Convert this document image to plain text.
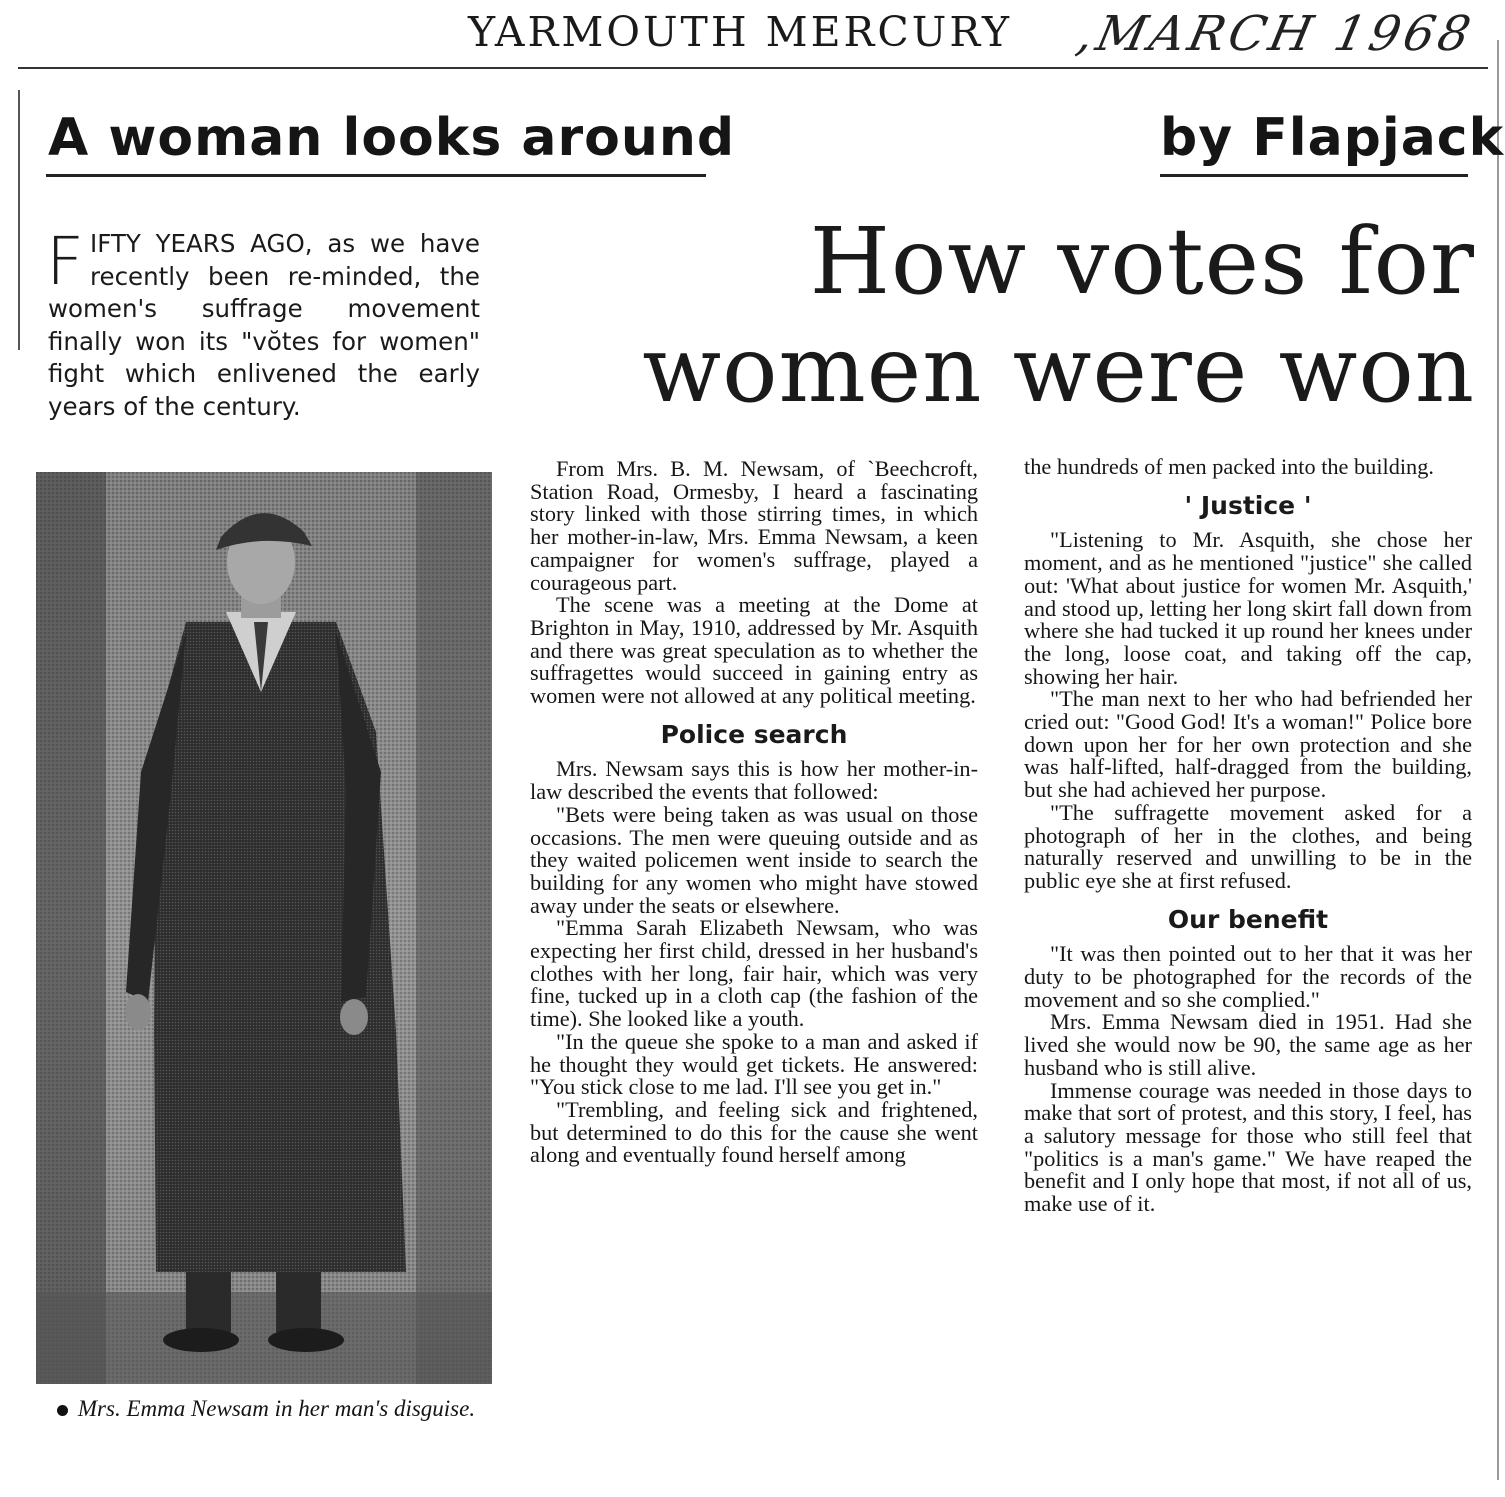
YARMOUTH MERCURY ,MARCH 1968
A woman looks around	by Flapjack
FIFTY YEARS AGO, as we have recently been re-minded, the women's suffrage movement finally won its "vŏtes for women" fight which enlivened the early years of the century.
How votes for
women were won
Mrs. Emma Newsam in her man's disguise.

From Mrs. B. M. Newsam, of `Beechcroft, Station Road, Ormesby, I heard a fascinating story linked with those stirring times, in which her mother-in-law, Mrs. Emma Newsam, a keen campaigner for women's suffrage, played a courageous part.

The scene was a meeting at the Dome at Brighton in May, 1910, addressed by Mr. Asquith and there was great speculation as to whether the suffragettes would succeed in gaining entry as women were not allowed at any political meeting.

Police search

Mrs. Newsam says this is how her mother-in-law described the events that followed:

"Bets were being taken as was usual on those occasions. The men were queuing outside and as they waited policemen went inside to search the building for any women who might have stowed away under the seats or elsewhere.

"Emma Sarah Elizabeth Newsam, who was expecting her first child, dressed in her husband's clothes with her long, fair hair, which was very fine, tucked up in a cloth cap (the fashion of the time). She looked like a youth.

"In the queue she spoke to a man and asked if he thought they would get tickets. He answered: "You stick close to me lad. I'll see you get in."

"Trembling, and feeling sick and frightened, but determined to do this for the cause she went along and eventually found herself among

the hundreds of men packed into the building.

' Justice '

"Listening to Mr. Asquith, she chose her moment, and as he mentioned "justice" she called out: 'What about justice for women Mr. Asquith,' and stood up, letting her long skirt fall down from where she had tucked it up round her knees under the long, loose coat, and taking off the cap, showing her hair.

"The man next to her who had befriended her cried out: "Good God! It's a woman!" Police bore down upon her for her own protection and she was half-lifted, half-dragged from the building, but she had achieved her purpose.

"The suffragette movement asked for a photograph of her in the clothes, and being naturally reserved and unwilling to be in the public eye she at first refused.

Our benefit

"It was then pointed out to her that it was her duty to be photographed for the records of the movement and so she complied."

Mrs. Emma Newsam died in 1951. Had she lived she would now be 90, the same age as her husband who is still alive.

Immense courage was needed in those days to make that sort of protest, and this story, I feel, has a salutory message for those who still feel that "politics is a man's game." We have reaped the benefit and I only hope that most, if not all of us, make use of it.
